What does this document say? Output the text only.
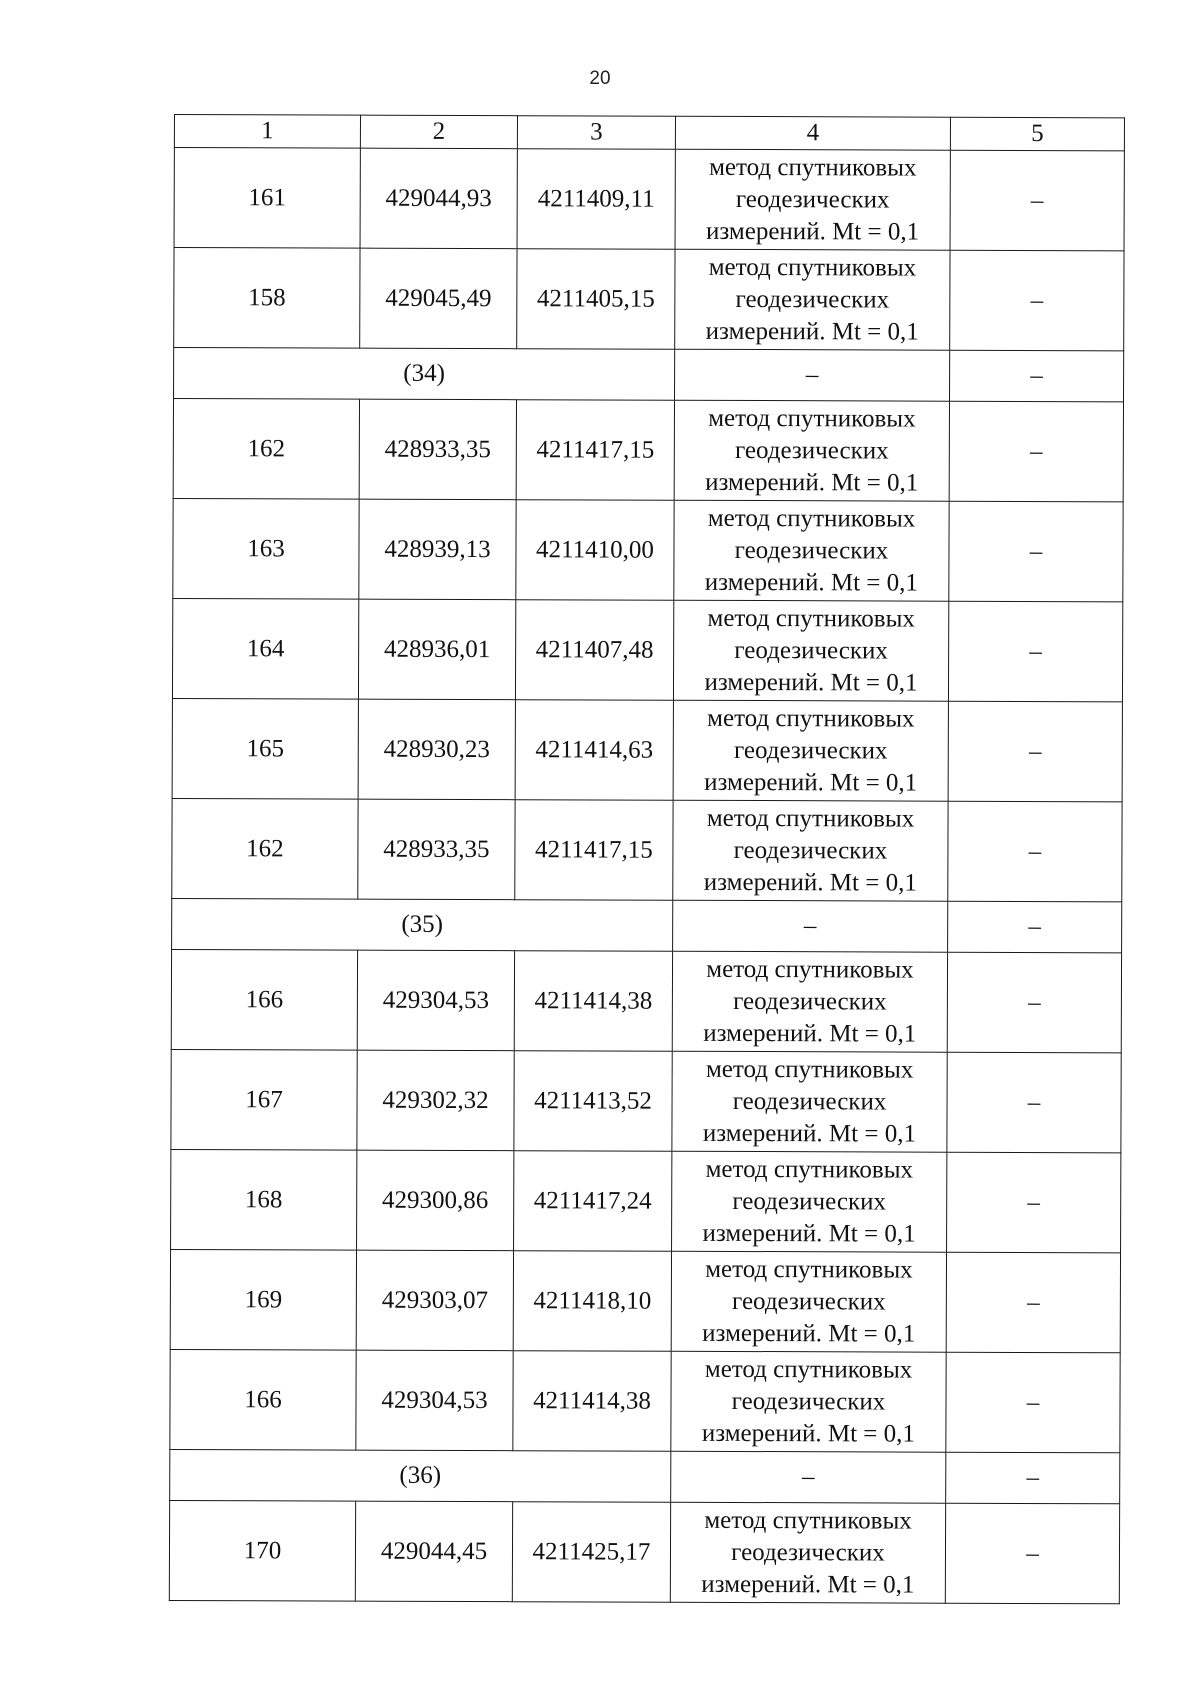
20
1	2	3	4	5
161	429044,93	4211409,11	метод спутниковых
геодезических
измерений. Mt = 0,1	–
158	429045,49	4211405,15	метод спутниковых
геодезических
измерений. Mt = 0,1	–
(34)			–	–
162	428933,35	4211417,15	метод спутниковых
геодезических
измерений. Mt = 0,1	–
163	428939,13	4211410,00	метод спутниковых
геодезических
измерений. Mt = 0,1	–
164	428936,01	4211407,48	метод спутниковых
геодезических
измерений. Mt = 0,1	–
165	428930,23	4211414,63	метод спутниковых
геодезических
измерений. Mt = 0,1	–
162	428933,35	4211417,15	метод спутниковых
геодезических
измерений. Mt = 0,1	–
(35)			–	–
166	429304,53	4211414,38	метод спутниковых
геодезических
измерений. Mt = 0,1	–
167	429302,32	4211413,52	метод спутниковых
геодезических
измерений. Mt = 0,1	–
168	429300,86	4211417,24	метод спутниковых
геодезических
измерений. Mt = 0,1	–
169	429303,07	4211418,10	метод спутниковых
геодезических
измерений. Mt = 0,1	–
166	429304,53	4211414,38	метод спутниковых
геодезических
измерений. Mt = 0,1	–
(36)			–	–
170	429044,45	4211425,17	метод спутниковых
геодезических
измерений. Mt = 0,1	–
